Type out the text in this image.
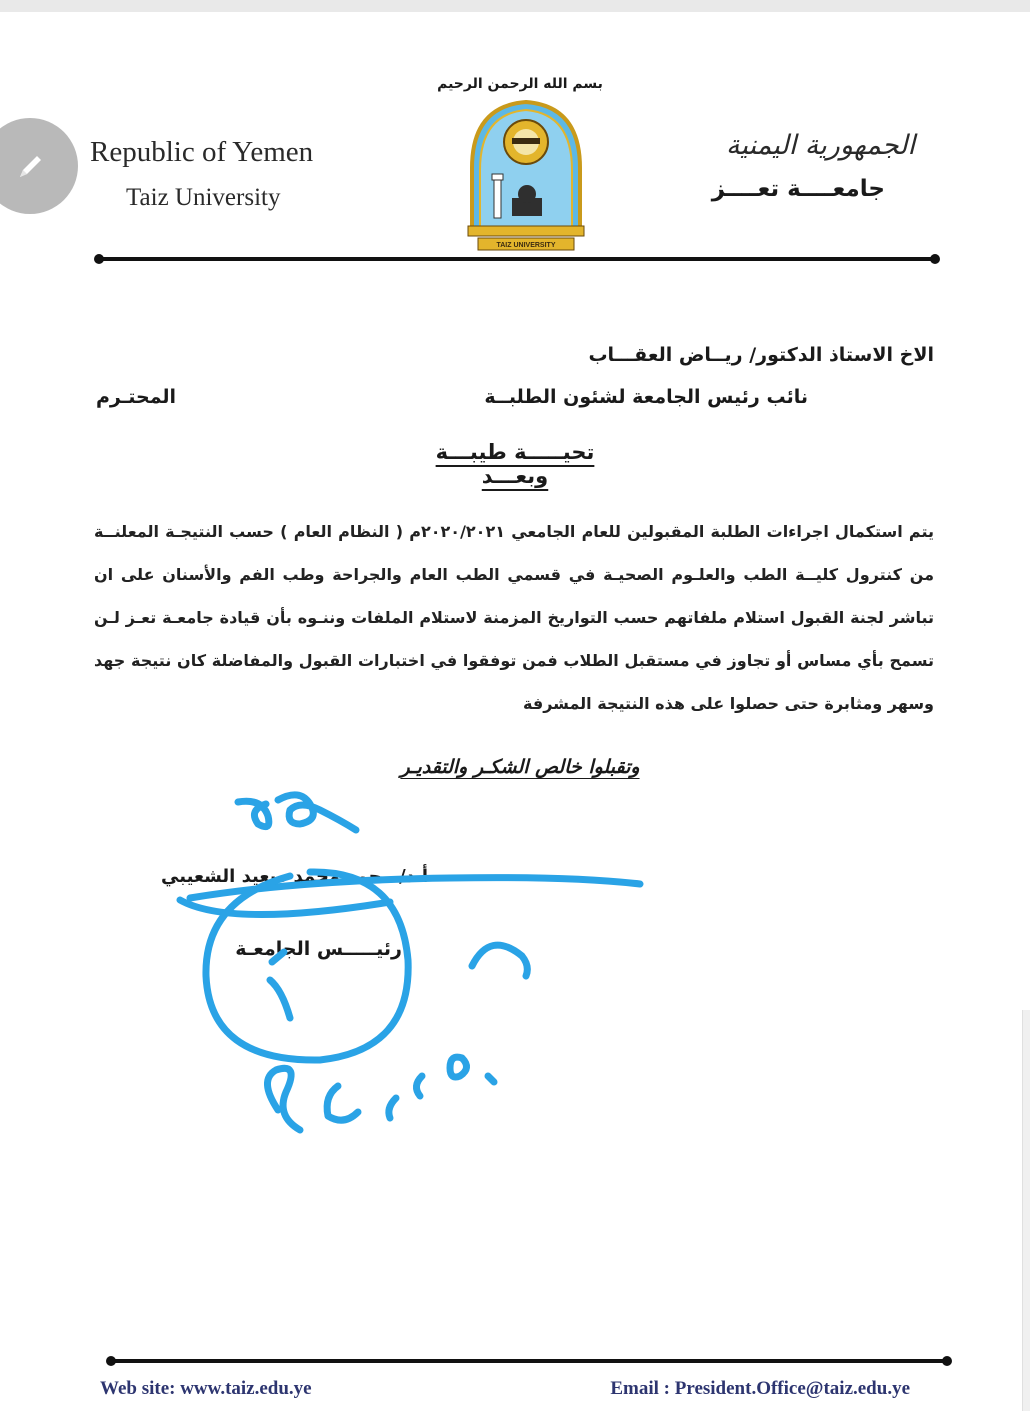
Republic of Yemen
Taiz University
بسم الله الرحمن الرحيم
TAIZ UNIVERSITY
الجمهورية اليمنية
جامعــــة تعــــز
الاخ الاستاذ الدكتور/ ريــاض العقـــاب
نائب رئيس الجامعة لشئون الطلبــة
المحتـرم
تحيـــــة طيبـــة وبعـــد
يتم استكمال اجراءات الطلبة المقبولين للعام الجامعي ٢٠٢٠/٢٠٢١م ( النظام العام ) حسب النتيجـة المعلنــة من كنترول كليــة الطب والعلـوم الصحيـة في قسمي الطب العام والجراحة وطب الفم والأسنان على ان تباشر لجنة القبول استلام ملفاتهم حسب التواريخ المزمنة لاستلام الملفات وننـوه بأن قيادة جامعـة تعـز لـن تسمح بأي مساس أو تجاوز في مستقبل الطلاب فمن توفقوا في اختبارات القبول والمفاضلة كان نتيجة جهد وسهر ومثابرة حتى حصلوا على هذه النتيجة المشرفة
وتقبلوا خالص الشكـر والتقديـر
أ.د/ محمد محمد سعيد الشعيبي
رئيـــــس الجامعـة
Web site: www.taiz.edu.ye	Email : President.Office@taiz.edu.ye
